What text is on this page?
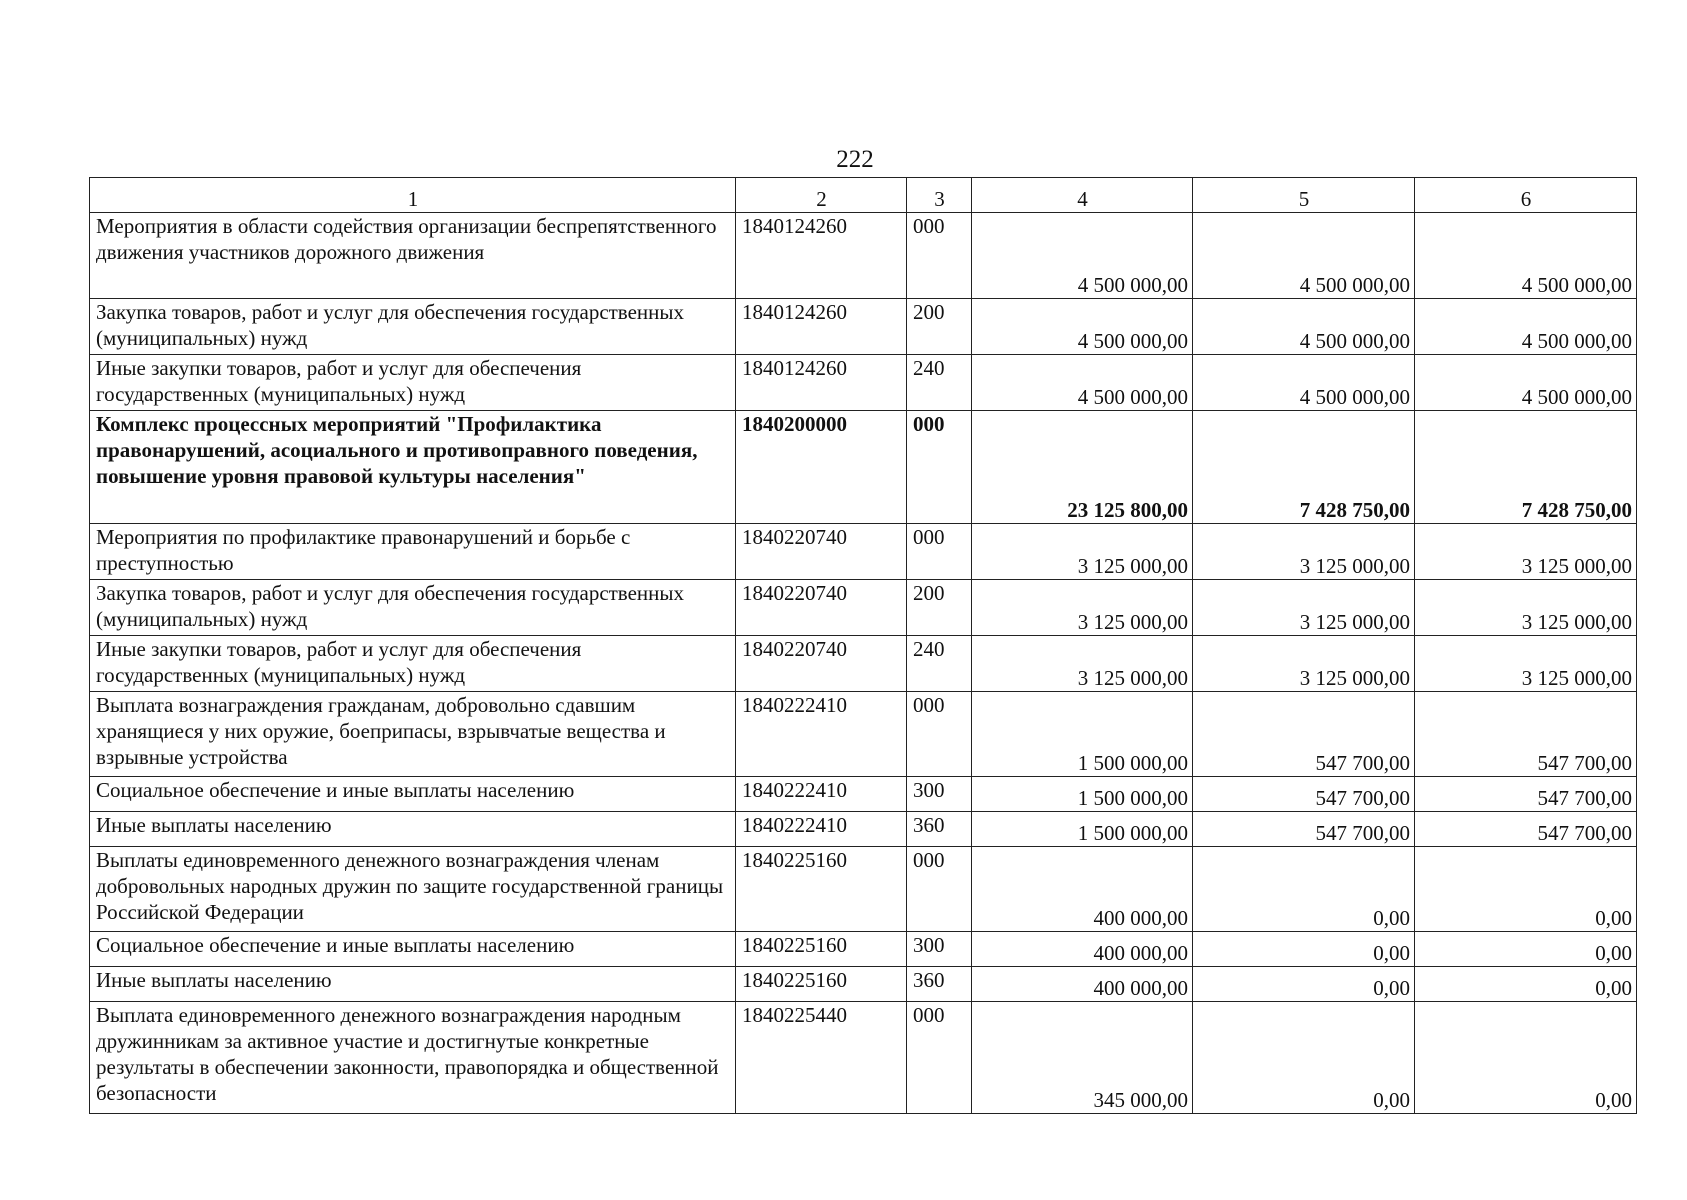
222
1	2	3	4	5	6
Мероприятия в области содействия организации беспрепятственного движения участников дорожного движения	1840124260	000	4 500 000,00	4 500 000,00	4 500 000,00
Закупка товаров, работ и услуг для обеспечения государственных (муниципальных) нужд	1840124260	200	4 500 000,00	4 500 000,00	4 500 000,00
Иные закупки товаров, работ и услуг для обеспечения государственных (муниципальных) нужд	1840124260	240	4 500 000,00	4 500 000,00	4 500 000,00
Комплекс процессных мероприятий "Профилактика правонарушений, асоциального и противоправного поведения, повышение уровня правовой культуры населения"	1840200000	000	23 125 800,00	7 428 750,00	7 428 750,00
Мероприятия по профилактике правонарушений и борьбе с преступностью	1840220740	000	3 125 000,00	3 125 000,00	3 125 000,00
Закупка товаров, работ и услуг для обеспечения государственных (муниципальных) нужд	1840220740	200	3 125 000,00	3 125 000,00	3 125 000,00
Иные закупки товаров, работ и услуг для обеспечения государственных (муниципальных) нужд	1840220740	240	3 125 000,00	3 125 000,00	3 125 000,00
Выплата вознаграждения гражданам, добровольно сдавшим хранящиеся у них оружие, боеприпасы, взрывчатые вещества и взрывные устройства	1840222410	000	1 500 000,00	547 700,00	547 700,00
Социальное обеспечение и иные выплаты населению	1840222410	300	1 500 000,00	547 700,00	547 700,00
Иные выплаты населению	1840222410	360	1 500 000,00	547 700,00	547 700,00
Выплаты единовременного денежного вознаграждения членам добровольных народных дружин по защите государственной границы Российской Федерации	1840225160	000	400 000,00	0,00	0,00
Социальное обеспечение и иные выплаты населению	1840225160	300	400 000,00	0,00	0,00
Иные выплаты населению	1840225160	360	400 000,00	0,00	0,00
Выплата единовременного денежного вознаграждения народным дружинникам за активное участие и достигнутые конкретные результаты в обеспечении законности, правопорядка и общественной безопасности	1840225440	000	345 000,00	0,00	0,00
